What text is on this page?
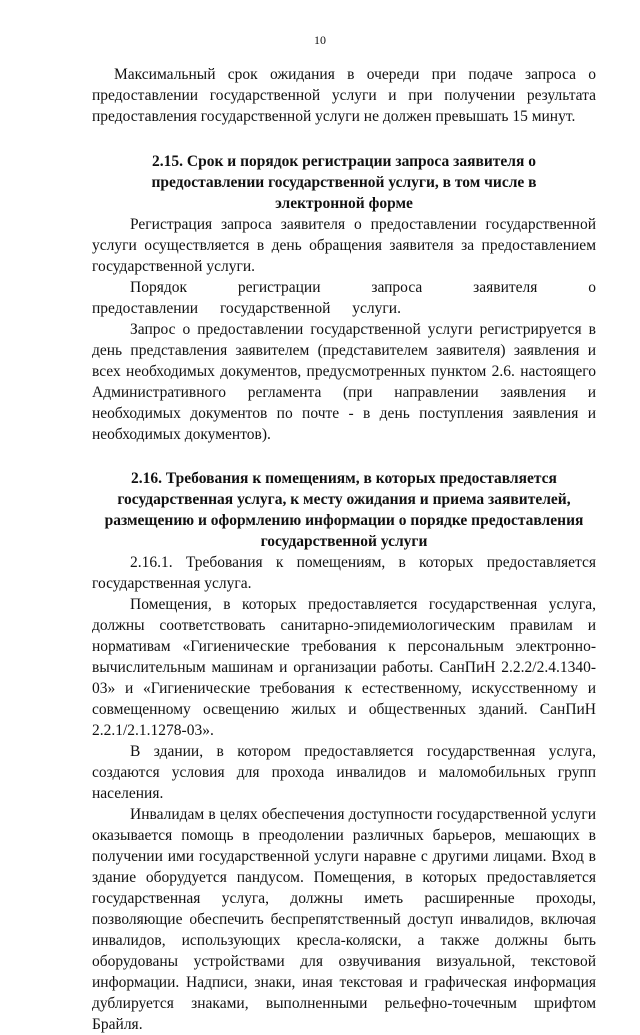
10

Максимальный срок ожидания в очереди при подаче запроса о предоставлении государственной услуги и при получении результата предоставления государственной услуги не должен превышать 15 минут.

2.15. Срок и порядок регистрации запроса заявителя о предоставлении государственной услуги, в том числе в электронной форме

Регистрация запроса заявителя о предоставлении государственной услуги осуществляется в день обращения заявителя за предоставлением государственной услуги.

Порядок регистрации запроса заявителя о предоставлении государственной услуги.

Запрос о предоставлении государственной услуги регистрируется в день представления заявителем (представителем заявителя) заявления и всех необходимых документов, предусмотренных пунктом 2.6. настоящего Административного регламента (при направлении заявления и необходимых документов по почте - в день поступления заявления и необходимых документов).

2.16. Требования к помещениям, в которых предоставляется государственная услуга, к месту ожидания и приема заявителей, размещению и оформлению информации о порядке предоставления государственной услуги

2.16.1. Требования к помещениям, в которых предоставляется государственная услуга.

Помещения, в которых предоставляется государственная услуга, должны соответствовать санитарно-эпидемиологическим правилам и нормативам «Гигиенические требования к персональным электронно-вычислительным машинам и организации работы. СанПиН 2.2.2/2.4.1340-03» и «Гигиенические требования к естественному, искусственному и совмещенному освещению жилых и общественных зданий. СанПиН 2.2.1/2.1.1278-03».

В здании, в котором предоставляется государственная услуга, создаются условия для прохода инвалидов и маломобильных групп населения.

Инвалидам в целях обеспечения доступности государственной услуги оказывается помощь в преодолении различных барьеров, мешающих в получении ими государственной услуги наравне с другими лицами. Вход в здание оборудуется пандусом. Помещения, в которых предоставляется государственная услуга, должны иметь расширенные проходы, позволяющие обеспечить беспрепятственный доступ инвалидов, включая инвалидов, использующих кресла-коляски, а также должны быть оборудованы устройствами для озвучивания визуальной, текстовой информации. Надписи, знаки, иная текстовая и графическая информация дублируется знаками, выполненными рельефно-точечным шрифтом Брайля.
